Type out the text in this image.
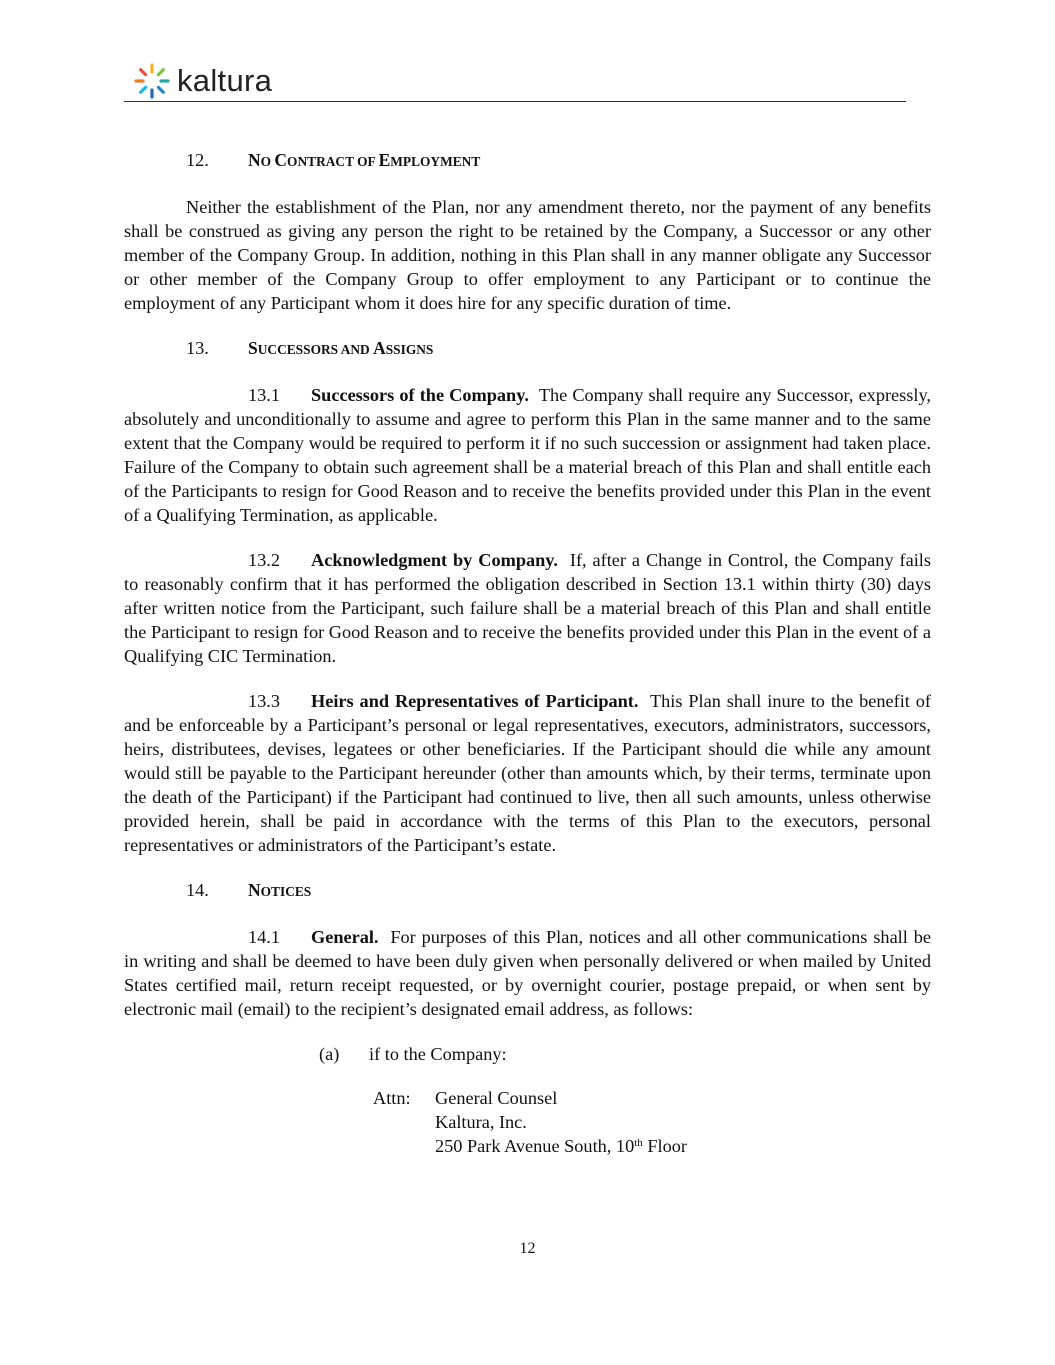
kaltura
12. NO CONTRACT OF EMPLOYMENT

Neither the establishment of the Plan, nor any amendment thereto, nor the payment of any benefits shall be construed as giving any person the right to be retained by the Company, a Successor or any other member of the Company Group. In addition, nothing in this Plan shall in any manner obligate any Successor or other member of the Company Group to offer employment to any Participant or to continue the employment of any Participant whom it does hire for any specific duration of time.

13. SUCCESSORS AND ASSIGNS

13.1 Successors of the Company. The Company shall require any Successor, expressly, absolutely and unconditionally to assume and agree to perform this Plan in the same manner and to the same extent that the Company would be required to perform it if no such succession or assignment had taken place. Failure of the Company to obtain such agreement shall be a material breach of this Plan and shall entitle each of the Participants to resign for Good Reason and to receive the benefits provided under this Plan in the event of a Qualifying Termination, as applicable.

13.2 Acknowledgment by Company. If, after a Change in Control, the Company fails to reasonably confirm that it has performed the obligation described in Section 13.1 within thirty (30) days after written notice from the Participant, such failure shall be a material breach of this Plan and shall entitle the Participant to resign for Good Reason and to receive the benefits provided under this Plan in the event of a Qualifying CIC Termination.

13.3 Heirs and Representatives of Participant. This Plan shall inure to the benefit of and be enforceable by a Participant’s personal or legal representatives, executors, administrators, successors, heirs, distributees, devises, legatees or other beneficiaries. If the Participant should die while any amount would still be payable to the Participant hereunder (other than amounts which, by their terms, terminate upon the death of the Participant) if the Participant had continued to live, then all such amounts, unless otherwise provided herein, shall be paid in accordance with the terms of this Plan to the executors, personal representatives or administrators of the Participant’s estate.

14. NOTICES

14.1 General. For purposes of this Plan, notices and all other communications shall be in writing and shall be deemed to have been duly given when personally delivered or when mailed by United States certified mail, return receipt requested, or by overnight courier, postage prepaid, or when sent by electronic mail (email) to the recipient’s designated email address, as follows:

(a) if to the Company:
Attn:	General Counsel
Kaltura, Inc.
250 Park Avenue South, 10th Floor
12
